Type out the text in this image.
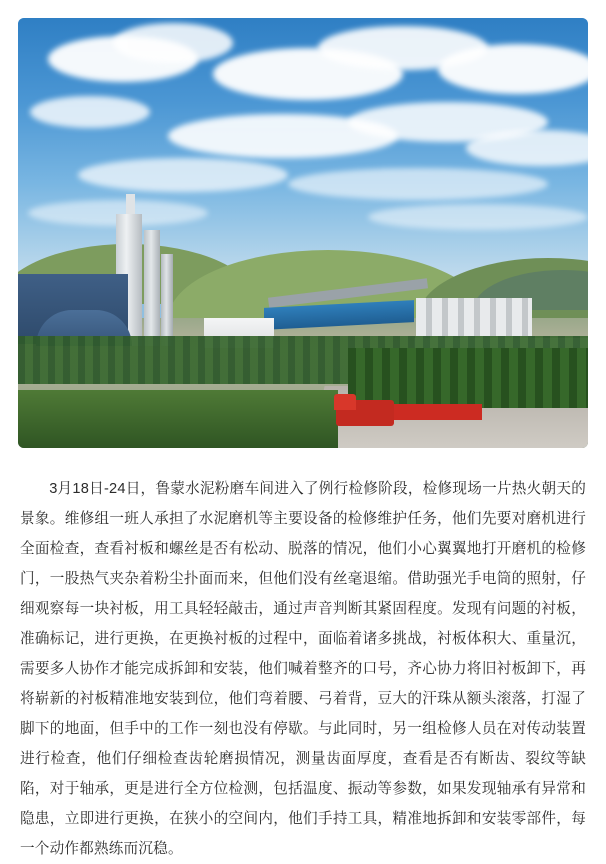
3月18日-24日，鲁蒙水泥粉磨车间进入了例行检修阶段，检修现场一片热火朝天的景象。维修组一班人承担了水泥磨机等主要设备的检修维护任务，他们先要对磨机进行全面检查，查看衬板和螺丝是否有松动、脱落的情况，他们小心翼翼地打开磨机的检修门，一股热气夹杂着粉尘扑面而来，但他们没有丝毫退缩。借助强光手电筒的照射，仔细观察每一块衬板，用工具轻轻敲击，通过声音判断其紧固程度。发现有问题的衬板，准确标记，进行更换，在更换衬板的过程中，面临着诸多挑战，衬板体积大、重量沉，需要多人协作才能完成拆卸和安装，他们喊着整齐的口号，齐心协力将旧衬板卸下，再将崭新的衬板精准地安装到位，他们弯着腰、弓着背，豆大的汗珠从额头滚落，打湿了脚下的地面，但手中的工作一刻也没有停歇。与此同时，另一组检修人员在对传动装置进行检查，他们仔细检查齿轮磨损情况，测量齿面厚度，查看是否有断齿、裂纹等缺陷，对于轴承，更是进行全方位检测，包括温度、振动等参数，如果发现轴承有异常和隐患，立即进行更换，在狭小的空间内，他们手持工具，精准地拆卸和安装零部件，每一个动作都熟练而沉稳。
